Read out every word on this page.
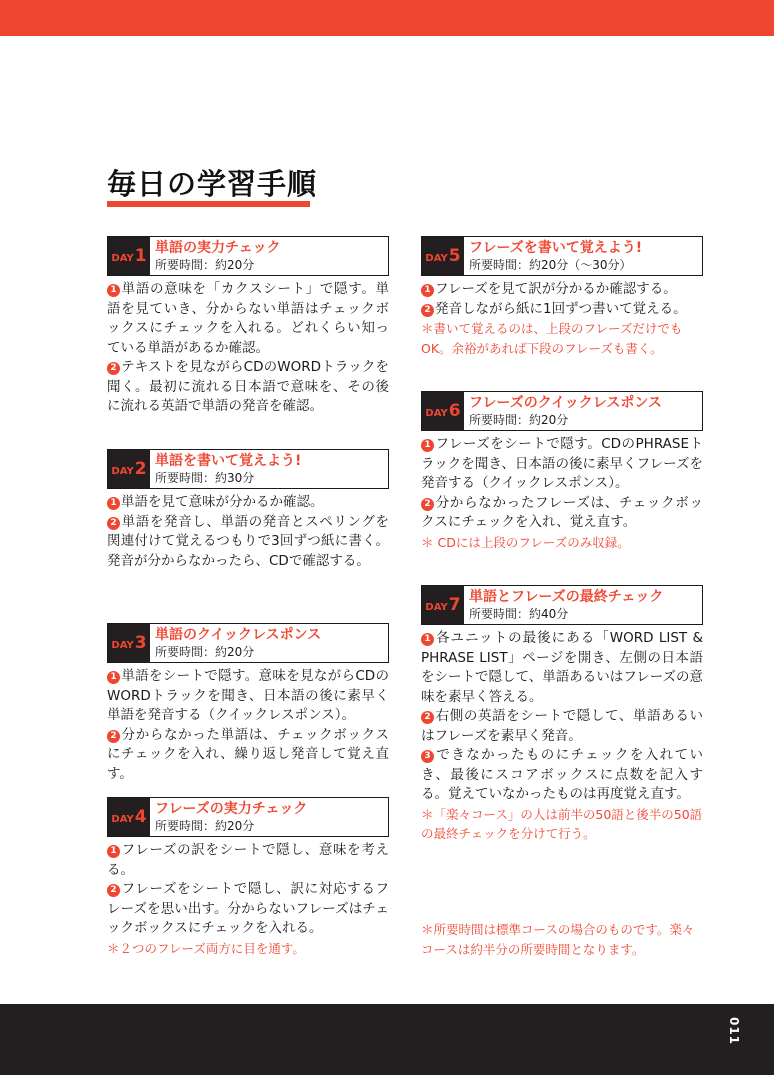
毎日の学習手順
DAY 1 単語の実力チェック
所要時間：約20分

1 単語の意味を「カクスシート」で隠す。単語を見ていき、分からない単語はチェックボックスにチェックを入れる。どれくらい知っている単語があるか確認。

2 テキストを見ながらCDのWORDトラックを聞く。最初に流れる日本語で意味を、その後に流れる英語で単語の発音を確認。

DAY 2 単語を書いて覚えよう!
所要時間：約30分

1 単語を見て意味が分かるか確認。

2 単語を発音し、単語の発音とスペリングを関連付けて覚えるつもりで3回ずつ紙に書く。発音が分からなかったら、CDで確認する。

DAY 3 単語のクイックレスポンス
所要時間：約20分

1 単語をシートで隠す。意味を見ながらCDのWORDトラックを聞き、日本語の後に素早く単語を発音する（クイックレスポンス）。

2 分からなかった単語は、チェックボックスにチェックを入れ、繰り返し発音して覚え直す。

DAY 4 フレーズの実力チェック
所要時間：約20分

1 フレーズの訳をシートで隠し、意味を考える。

2 フレーズをシートで隠し、訳に対応するフレーズを思い出す。分からないフレーズはチェックボックスにチェックを入れる。

＊２つのフレーズ両方に目を通す。

DAY 5 フレーズを書いて覚えよう!
所要時間：約20分（～30分）

1 フレーズを見て訳が分かるか確認する。

2 発音しながら紙に1回ずつ書いて覚える。

＊書いて覚えるのは、上段のフレーズだけでもOK。余裕があれば下段のフレーズも書く。

DAY 6 フレーズのクイックレスポンス
所要時間：約20分

1 フレーズをシートで隠す。CDのPHRASEトラックを聞き、日本語の後に素早くフレーズを発音する（クイックレスポンス）。

2 分からなかったフレーズは、チェックボックスにチェックを入れ、覚え直す。

＊ CDには上段のフレーズのみ収録。

DAY 7 単語とフレーズの最終チェック
所要時間：約40分

1 各ユニットの最後にある「WORD LIST & PHRASE LIST」ページを開き、左側の日本語をシートで隠して、単語あるいはフレーズの意味を素早く答える。

2 右側の英語をシートで隠して、単語あるいはフレーズを素早く発音。

3 できなかったものにチェックを入れていき、最後にスコアボックスに点数を記入する。覚えていなかったものは再度覚え直す。

＊「楽々コース」の人は前半の50語と後半の50語の最終チェックを分けて行う。

＊所要時間は標準コースの場合のものです。楽々コースは約半分の所要時間となります。
011
